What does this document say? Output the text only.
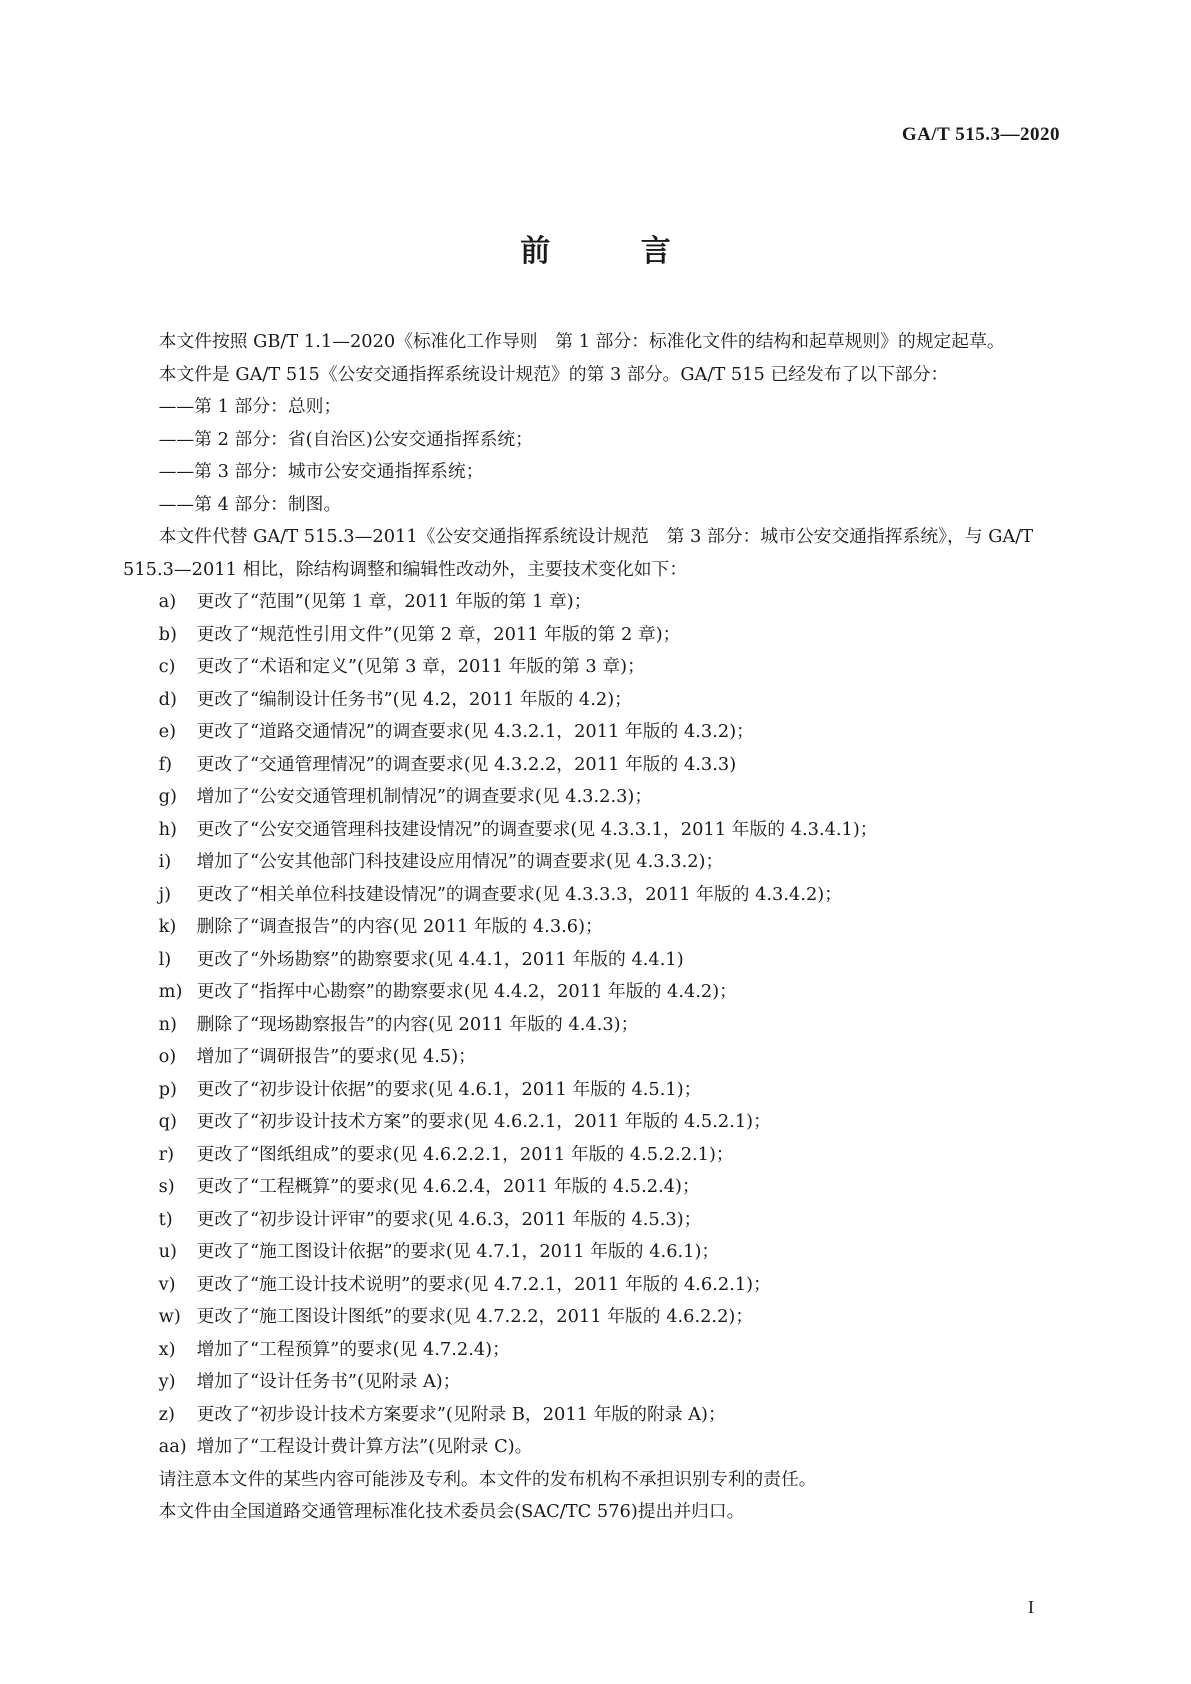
GA/T 515.3—2020
前 言

本文件按照 GB/T 1.1—2020《标准化工作导则　第 1 部分：标准化文件的结构和起草规则》的规定起草。

本文件是 GA/T 515《公安交通指挥系统设计规范》的第 3 部分。GA/T 515 已经发布了以下部分：

——第 1 部分：总则；

——第 2 部分：省(自治区)公安交通指挥系统；

——第 3 部分：城市公安交通指挥系统；

——第 4 部分：制图。

本文件代替 GA/T 515.3—2011《公安交通指挥系统设计规范　第 3 部分：城市公安交通指挥系统》，与 GA/T 515.3—2011 相比，除结构调整和编辑性改动外，主要技术变化如下：

a) 更改了“范围”(见第 1 章，2011 年版的第 1 章)；
b) 更改了“规范性引用文件”(见第 2 章，2011 年版的第 2 章)；
c) 更改了“术语和定义”(见第 3 章，2011 年版的第 3 章)；
d) 更改了“编制设计任务书”(见 4.2，2011 年版的 4.2)；
e) 更改了“道路交通情况”的调查要求(见 4.3.2.1，2011 年版的 4.3.2)；
f) 更改了“交通管理情况”的调查要求(见 4.3.2.2，2011 年版的 4.3.3)
g) 增加了“公安交通管理机制情况”的调查要求(见 4.3.2.3)；
h) 更改了“公安交通管理科技建设情况”的调查要求(见 4.3.3.1，2011 年版的 4.3.4.1)；
i) 增加了“公安其他部门科技建设应用情况”的调查要求(见 4.3.3.2)；
j) 更改了“相关单位科技建设情况”的调查要求(见 4.3.3.3，2011 年版的 4.3.4.2)；
k) 删除了“调查报告”的内容(见 2011 年版的 4.3.6)；
l) 更改了“外场勘察”的勘察要求(见 4.4.1，2011 年版的 4.4.1)
m) 更改了“指挥中心勘察”的勘察要求(见 4.4.2，2011 年版的 4.4.2)；
n) 删除了“现场勘察报告”的内容(见 2011 年版的 4.4.3)；
o) 增加了“调研报告”的要求(见 4.5)；
p) 更改了“初步设计依据”的要求(见 4.6.1，2011 年版的 4.5.1)；
q) 更改了“初步设计技术方案”的要求(见 4.6.2.1，2011 年版的 4.5.2.1)；
r) 更改了“图纸组成”的要求(见 4.6.2.2.1，2011 年版的 4.5.2.2.1)；
s) 更改了“工程概算”的要求(见 4.6.2.4，2011 年版的 4.5.2.4)；
t) 更改了“初步设计评审”的要求(见 4.6.3，2011 年版的 4.5.3)；
u) 更改了“施工图设计依据”的要求(见 4.7.1，2011 年版的 4.6.1)；
v) 更改了“施工设计技术说明”的要求(见 4.7.2.1，2011 年版的 4.6.2.1)；
w) 更改了“施工图设计图纸”的要求(见 4.7.2.2，2011 年版的 4.6.2.2)；
x) 增加了“工程预算”的要求(见 4.7.2.4)；
y) 增加了“设计任务书”(见附录 A)；
z) 更改了“初步设计技术方案要求”(见附录 B，2011 年版的附录 A)；
aa) 增加了“工程设计费计算方法”(见附录 C)。

请注意本文件的某些内容可能涉及专利。本文件的发布机构不承担识别专利的责任。

本文件由全国道路交通管理标准化技术委员会(SAC/TC 576)提出并归口。

I
